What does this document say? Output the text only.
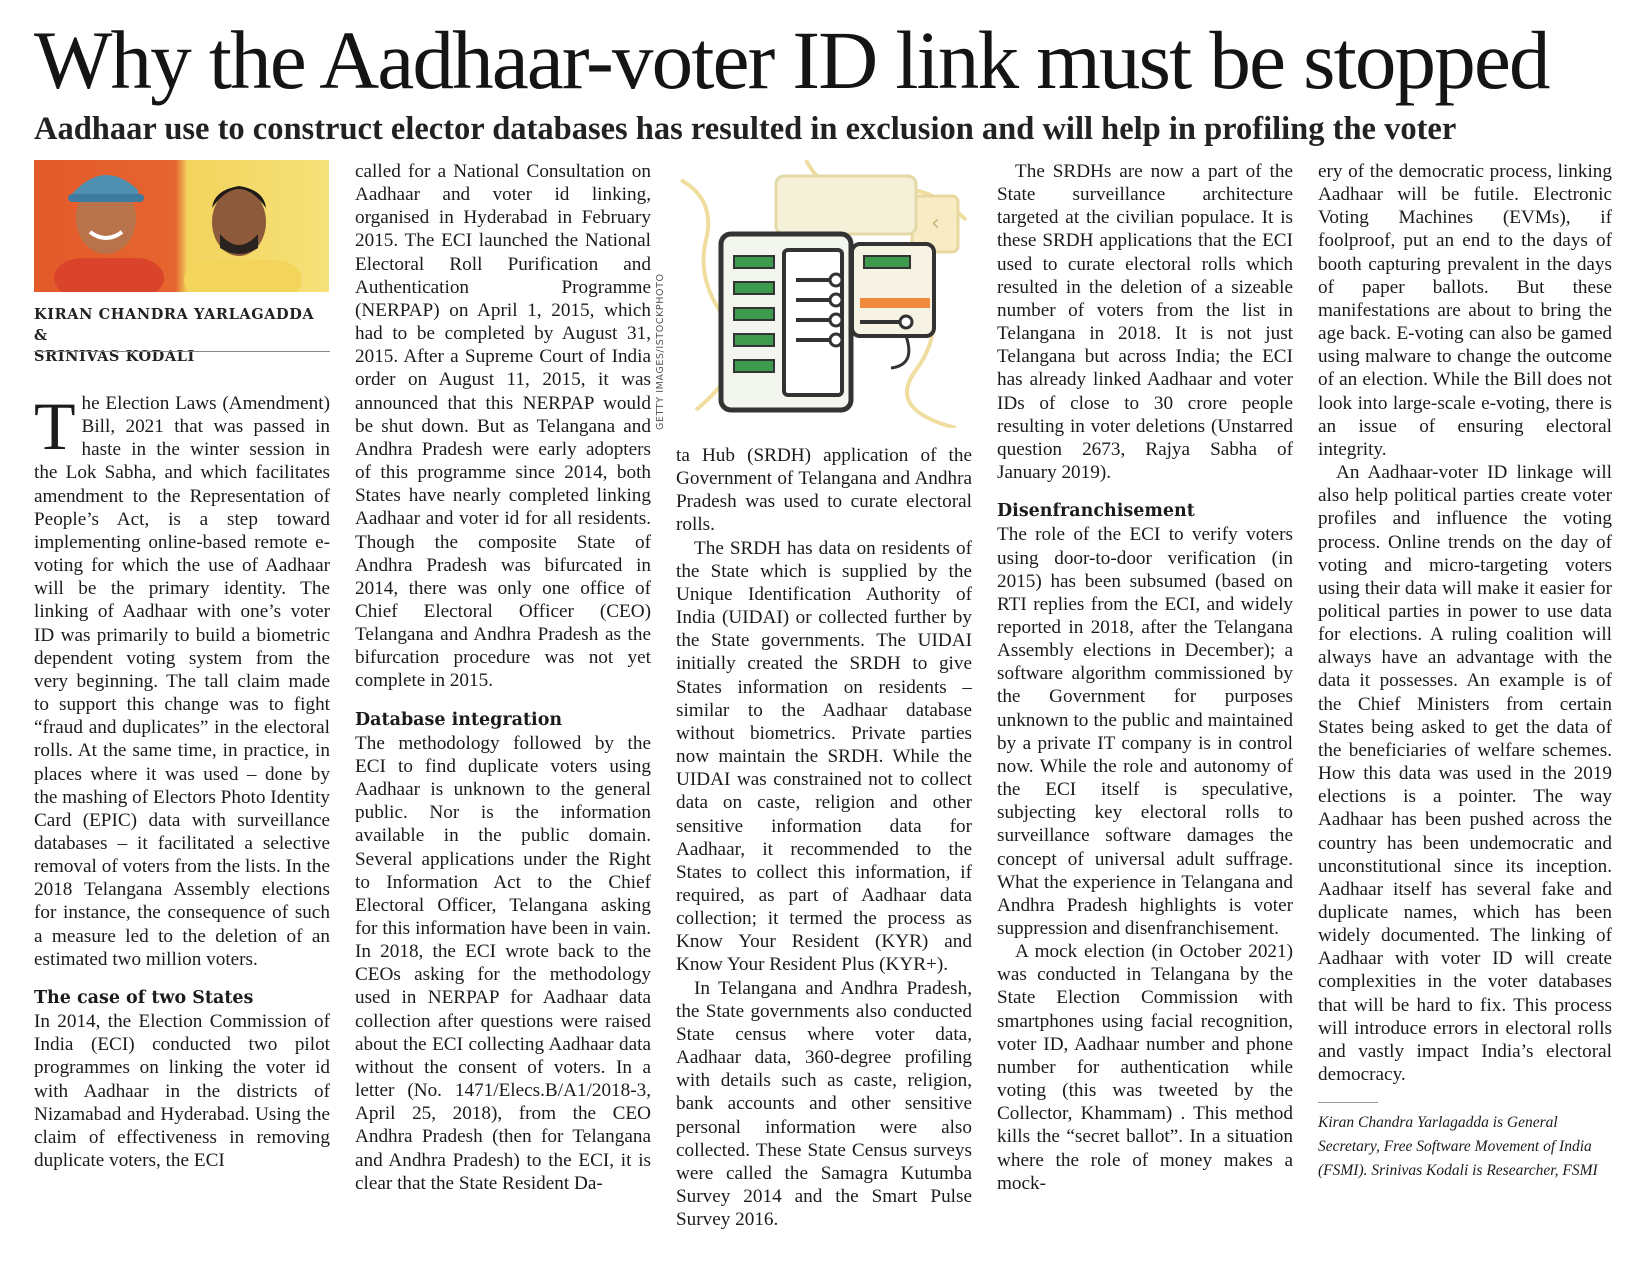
Why the Aadhaar-voter ID link must be stopped
Aadhaar use to construct elector databases has resulted in exclusion and will help in profiling the voter
KIRAN CHANDRA YARLAGADDA &
SRINIVAS KODALI

The Election Laws (Amendment) Bill, 2021 that was passed in haste in the winter session in the Lok Sabha, and which facilitates amendment to the Representation of People’s Act, is a step toward implementing online-based remote e-voting for which the use of Aadhaar will be the primary identity. The linking of Aadhaar with one’s voter ID was primarily to build a biometric dependent voting system from the very beginning. The tall claim made to support this change was to fight “fraud and duplicates” in the electoral rolls. At the same time, in practice, in places where it was used – done by the mashing of Electors Photo Identity Card (EPIC) data with surveillance databases – it facilitated a selective removal of voters from the lists. In the 2018 Telangana Assembly elections for instance, the consequence of such a measure led to the deletion of an estimated two million voters.

The case of two States

In 2014, the Election Commission of India (ECI) conducted two pilot programmes on linking the voter id with Aadhaar in the districts of Nizamabad and Hyderabad. Using the claim of effectiveness in removing duplicate voters, the ECI

called for a National Consultation on Aadhaar and voter id linking, organised in Hyderabad in February 2015. The ECI launched the National Electoral Roll Purification and Authentication Programme (NERPAP) on April 1, 2015, which had to be completed by August 31, 2015. After a Supreme Court of India order on August 11, 2015, it was announced that this NERPAP would be shut down. But as Telangana and Andhra Pradesh were early adopters of this programme since 2014, both States have nearly completed linking Aadhaar and voter id for all residents. Though the composite State of Andhra Pradesh was bifurcated in 2014, there was only one office of Chief Electoral Officer (CEO) Telangana and Andhra Pradesh as the bifurcation procedure was not yet complete in 2015.

Database integration

The methodology followed by the ECI to find duplicate voters using Aadhaar is unknown to the general public. Nor is the information available in the public domain. Several applications under the Right to Information Act to the Chief Electoral Officer, Telangana asking for this information have been in vain. In 2018, the ECI wrote back to the CEOs asking for the methodology used in NERPAP for Aadhaar data collection after questions were raised about the ECI collecting Aadhaar data without the consent of voters. In a letter (No. 1471/Elecs.B/A1/2018-3, April 25, 2018), from the CEO Andhra Pradesh (then for Telangana and Andhra Pradesh) to the ECI, it is clear that the State Resident Da-

‹
GETTY IMAGES/ISTOCKPHOTO

ta Hub (SRDH) application of the Government of Telangana and Andhra Pradesh was used to curate electoral rolls.

The SRDH has data on residents of the State which is supplied by the Unique Identification Authority of India (UIDAI) or collected further by the State governments. The UIDAI initially created the SRDH to give States information on residents – similar to the Aadhaar database without biometrics. Private parties now maintain the SRDH. While the UIDAI was constrained not to collect data on caste, religion and other sensitive information data for Aadhaar, it recommended to the States to collect this information, if required, as part of Aadhaar data collection; it termed the process as Know Your Resident (KYR) and Know Your Resident Plus (KYR+).

In Telangana and Andhra Pradesh, the State governments also conducted State census where voter data, Aadhaar data, 360-degree profiling with details such as caste, religion, bank accounts and other sensitive personal information were also collected. These State Census surveys were called the Samagra Kutumba Survey 2014 and the Smart Pulse Survey 2016.

The SRDHs are now a part of the State surveillance architecture targeted at the civilian populace. It is these SRDH applications that the ECI used to curate electoral rolls which resulted in the deletion of a sizeable number of voters from the list in Telangana in 2018. It is not just Telangana but across India; the ECI has already linked Aadhaar and voter IDs of close to 30 crore people resulting in voter deletions (Unstarred question 2673, Rajya Sabha of January 2019).

Disenfranchisement

The role of the ECI to verify voters using door-to-door verification (in 2015) has been subsumed (based on RTI replies from the ECI, and widely reported in 2018, after the Telangana Assembly elections in December); a software algorithm commissioned by the Government for purposes unknown to the public and maintained by a private IT company is in control now. While the role and autonomy of the ECI itself is speculative, subjecting key electoral rolls to surveillance software damages the concept of universal adult suffrage. What the experience in Telangana and Andhra Pradesh highlights is voter suppression and disenfranchisement.

A mock election (in October 2021) was conducted in Telangana by the State Election Commission with smartphones using facial recognition, voter ID, Aadhaar number and phone number for authentication while voting (this was tweeted by the Collector, Khammam) . This method kills the “secret ballot”. In a situation where the role of money makes a mock-

ery of the democratic process, linking Aadhaar will be futile. Electronic Voting Machines (EVMs), if foolproof, put an end to the days of booth capturing prevalent in the days of paper ballots. But these manifestations are about to bring the age back. E-voting can also be gamed using malware to change the outcome of an election. While the Bill does not look into large-scale e-voting, there is an issue of ensuring electoral integrity.

An Aadhaar-voter ID linkage will also help political parties create voter profiles and influence the voting process. Online trends on the day of voting and micro-targeting voters using their data will make it easier for political parties in power to use data for elections. A ruling coalition will always have an advantage with the data it possesses. An example is of the Chief Ministers from certain States being asked to get the data of the beneficiaries of welfare schemes. How this data was used in the 2019 elections is a pointer. The way Aadhaar has been pushed across the country has been undemocratic and unconstitutional since its inception. Aadhaar itself has several fake and duplicate names, which has been widely documented. The linking of Aadhaar with voter ID will create complexities in the voter databases that will be hard to fix. This process will introduce errors in electoral rolls and vastly impact India’s electoral democracy.

Kiran Chandra Yarlagadda is General Secretary, Free Software Movement of India (FSMI). Srinivas Kodali is Researcher, FSMI
